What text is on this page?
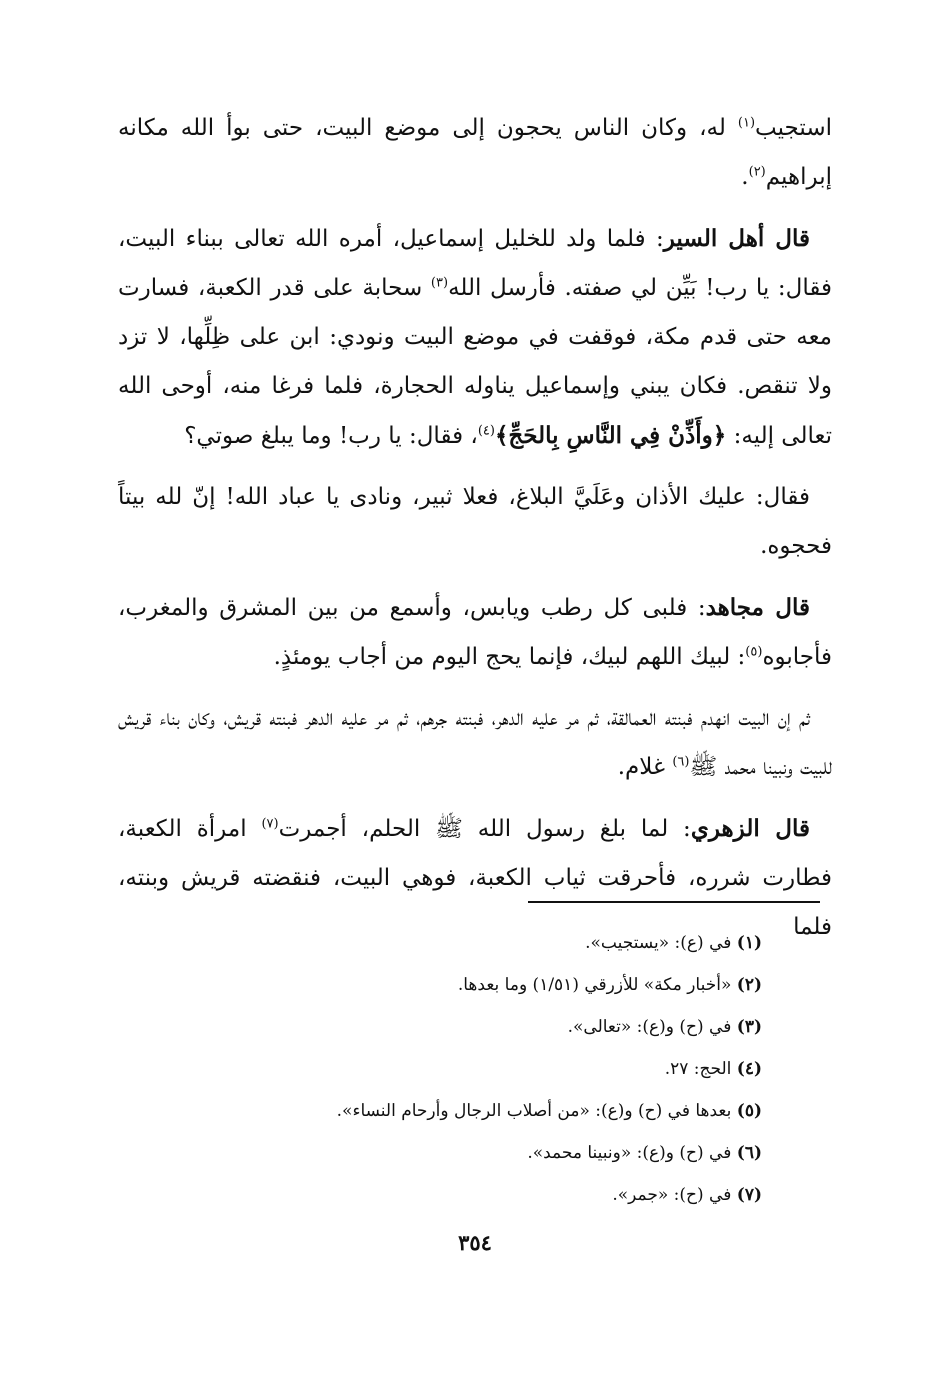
استجيب$^{(١)}$ له، وكان الناس يحجون إلى موضع البيت، حتى بوأ الله مكانه إبراهيم$^{(٢)}$.

قال أهل السير: فلما ولد للخليل إسماعيل، أمره الله تعالى ببناء البيت، فقال: يا رب! بَيِّن لي صفته. فأرسل الله$^{(٣)}$ سحابة على قدر الكعبة، فسارت معه حتى قدم مكة، فوقفت في موضع البيت ونودي: ابن على ظِلِّها، لا تزد ولا تنقص. فكان يبني وإسماعيل يناوله الحجارة، فلما فرغا منه، أوحى الله تعالى إليه: ﴿وأَذِّنْ فِي النَّاسِ بِالحَجِّ﴾$^{(٤)}$، فقال: يا رب! وما يبلغ صوتي؟

فقال: عليك الأذان وعَلَيَّ البلاغ، فعلا ثبير، ونادى يا عباد الله! إنّ لله بيتاً فحجوه.

قال مجاهد: فلبى كل رطب ويابس، وأسمع من بين المشرق والمغرب، فأجابوه$^{(٥)}$: لبيك اللهم لبيك، فإنما يحج اليوم من أجاب يومئذٍ.

ثم إن البيت انهدم فبنته العمالقة، ثم مر عليه الدهر، فبنته جرهم، ثم مر عليه الدهر فبنته قريش، وكان بناء قريش للبيت ونبينا محمد ﷺ$^{(٦)}$ غلام.

قال الزهري: لما بلغ رسول الله ﷺ الحلم، أجمرت$^{(٧)}$ امرأة الكعبة، فطارت شرره، فأحرقت ثياب الكعبة، فوهي البيت، فنقضته قريش وبنته، فلما

(١) في (ع): «يستجيب».
(٢) «أخبار مكة» للأزرقي (١/٥١) وما بعدها.
(٣) في (ح) و(ع): «تعالى».
(٤) الحج: ٢٧.
(٥) بعدها في (ح) و(ع): «من أصلاب الرجال وأرحام النساء».
(٦) في (ح) و(ع): «ونبينا محمد».
(٧) في (ح): «جمر».
٣٥٤
